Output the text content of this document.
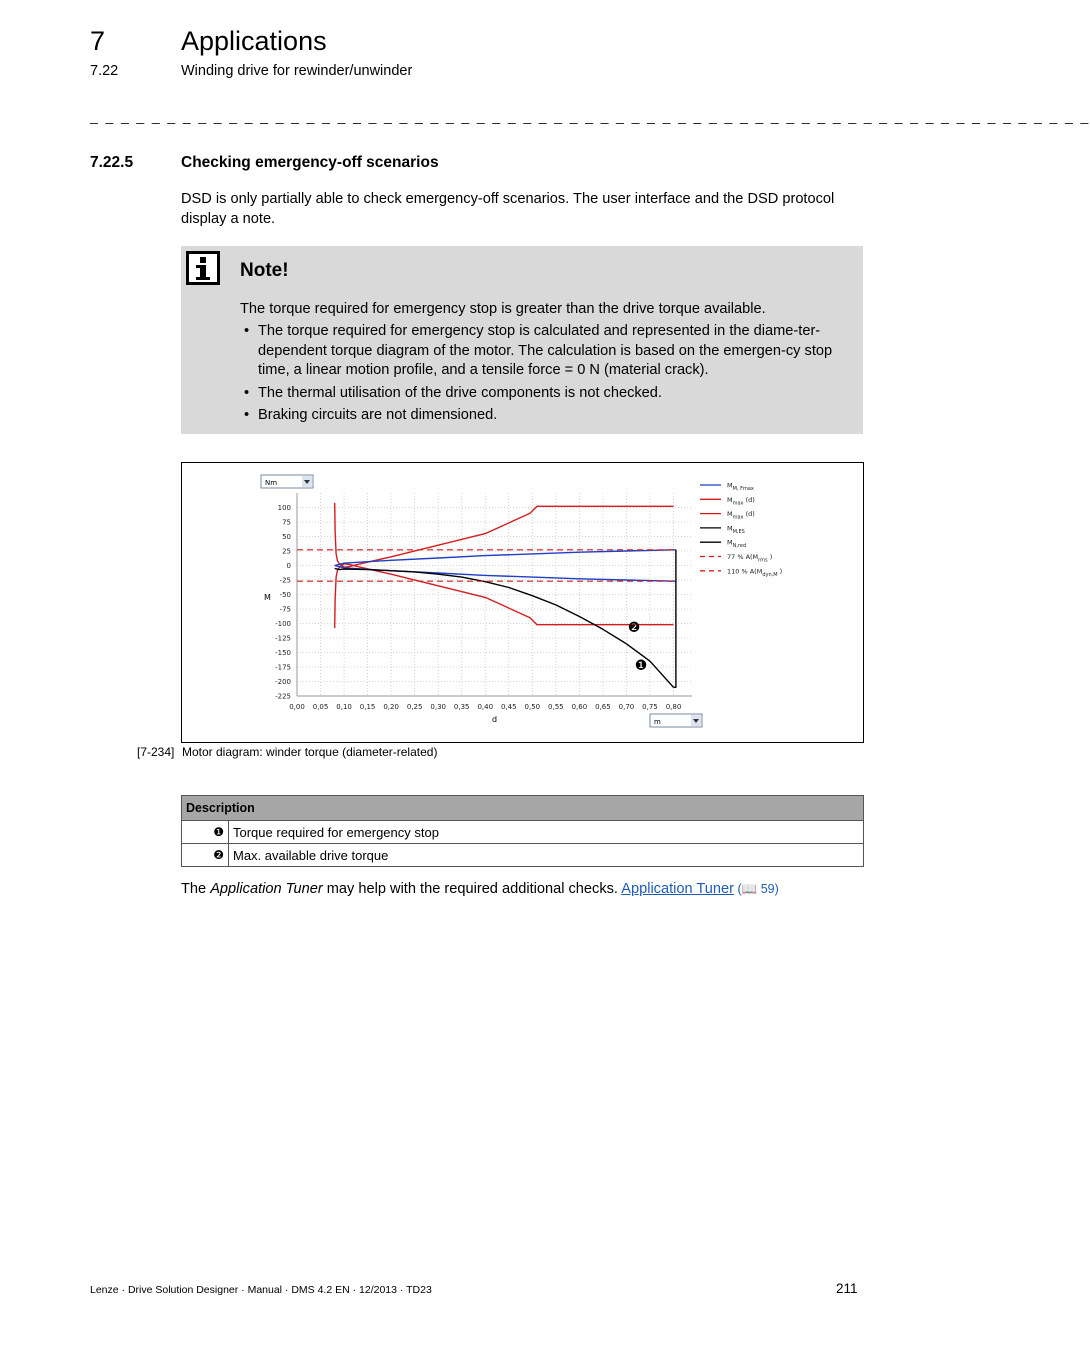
7	Applications
7.22	Winding drive for rewinder/unwinder
_ _ _ _ _ _ _ _ _ _ _ _ _ _ _ _ _ _ _ _ _ _ _ _ _ _ _ _ _ _ _ _ _ _ _ _ _ _ _ _ _ _ _ _ _ _ _ _ _ _ _ _ _ _ _ _ _ _ _ _ _ _ _ _ _
7.22.5	Checking emergency-off scenarios
DSD is only partially able to check emergency-off scenarios. The user interface and the DSD protocol display a note.
Note!
The torque required for emergency stop is greater than the drive torque available.
• The torque required for emergency stop is calculated and represented in the diame-ter-dependent torque diagram of the motor. The calculation is based on the emergen-cy stop time, a linear motion profile, and a tensile force = 0 N (material crack).
• The thermal utilisation of the drive components is not checked.
• Braking circuits are not dimensioned.
Nm
m
100
75
50
25
0
-25
-50
-75
-100
-125
-150
-175
-200
-225
0,00 0,05 0,10 0,15 0,20 0,25 0,30 0,35 0,40 0,45 0,50 0,55 0,60 0,65 0,70 0,75 0,80
M
d
$M_{M, Fmax}$
$M_{max}$ (d)
$M_{max}$ (d)
$M_{M,ES}$
$M_{N,red}$
77 % $A(M_{rms}$ )
110 % $A(M_{dyn,M}$ )
❷
❶
[7-234] Motor diagram: winder torque (diameter-related)
Description	
❶	Torque required for emergency stop
❷	Max. available drive torque
The Application Tuner may help with the required additional checks. Application Tuner (📖 59)
Lenze · Drive Solution Designer · Manual · DMS 4.2 EN · 12/2013 · TD23	211
